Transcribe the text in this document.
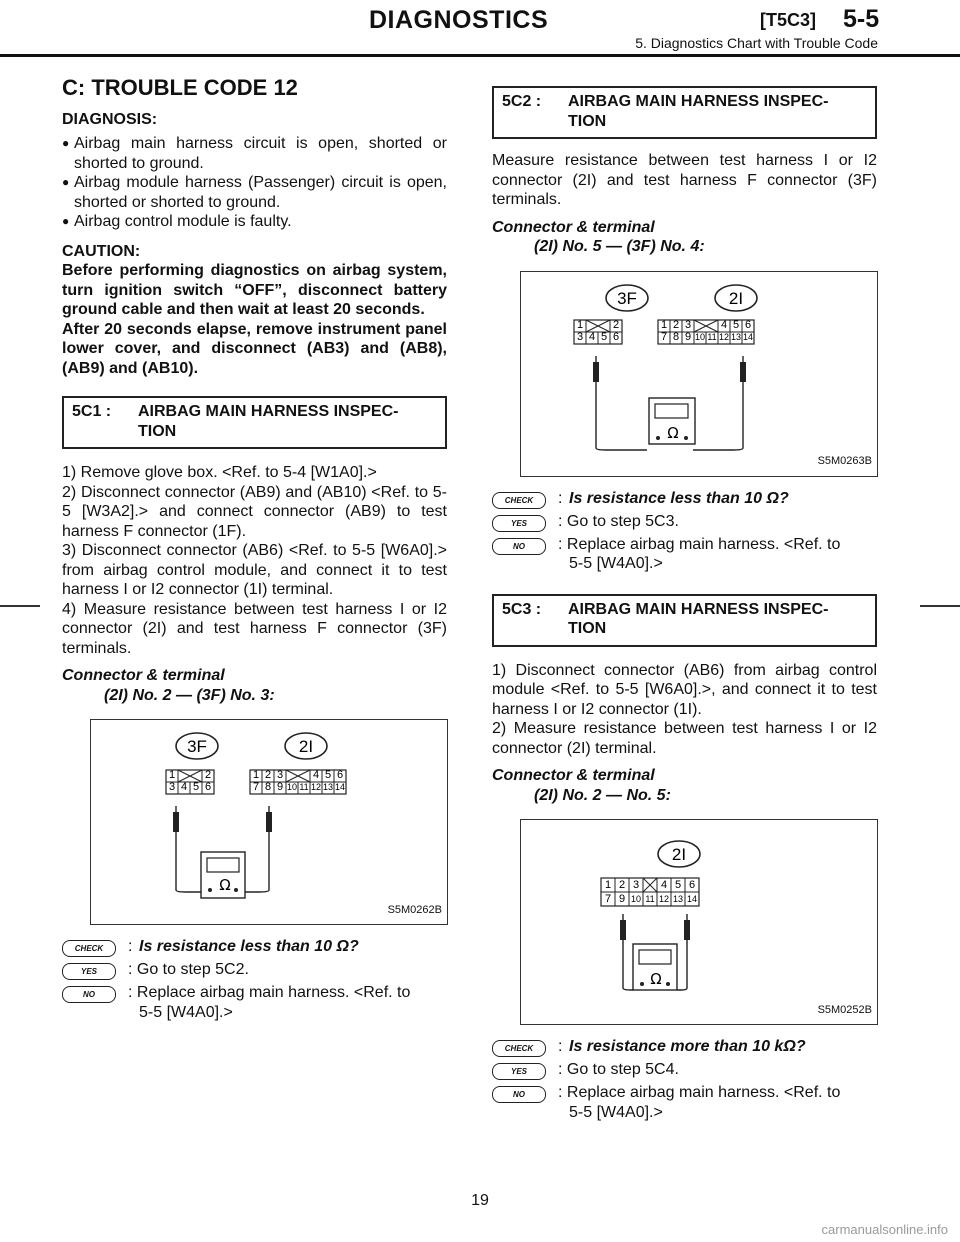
DIAGNOSTICS	[T5C3] 5-5
5. Diagnostics Chart with Trouble Code
C: TROUBLE CODE 12
DIAGNOSIS:
● Airbag main harness circuit is open, shorted or shorted to ground.

● Airbag module harness (Passenger) circuit is open, shorted or shorted to ground.

● Airbag control module is faulty.

CAUTION:

Before performing diagnostics on airbag system, turn ignition switch “OFF”, disconnect battery ground cable and then wait at least 20 seconds.

After 20 seconds elapse, remove instrument panel lower cover, and disconnect (AB3) and (AB8), (AB9) and (AB10).

5C1 :	AIRBAG MAIN HARNESS INSPEC- TION

1) Remove glove box. <Ref. to 5-4 [W1A0].>

2) Disconnect connector (AB9) and (AB10) <Ref. to 5-5 [W3A2].> and connect connector (AB9) to test harness F connector (1F).

3) Disconnect connector (AB6) <Ref. to 5-5 [W6A0].> from airbag control module, and connect it to test harness I or I2 connector (1I) terminal.

4) Measure resistance between test harness I or I2 connector (2I) and test harness F connector (3F) terminals.

Connector & terminal
(2I) No. 2 — (3F) No. 3:
3F	2I
1	2
3 4 5 6
1 2 3	4 5 6
7 8 9 10 11 12 13 14
Ω
S5M0262B
CHECK	: Is resistance less than 10 Ω?
YES	: Go to step 5C2.
NO	: Replace airbag main harness. <Ref. to
5-5 [W4A0].>
5C2 :	AIRBAG MAIN HARNESS INSPEC- TION

Measure resistance between test harness I or I2 connector (2I) and test harness F connector (3F) terminals.

Connector & terminal
(2I) No. 5 — (3F) No. 4:
3F	2I
1	2
3 4 5 6
1 2 3	4 5 6
7 8 9 10 11 12 13 14
Ω
S5M0263B
CHECK	: Is resistance less than 10 Ω?
YES	: Go to step 5C3.
NO	: Replace airbag main harness. <Ref. to
5-5 [W4A0].>
5C3 :	AIRBAG MAIN HARNESS INSPEC- TION

1) Disconnect connector (AB6) from airbag control module <Ref. to 5-5 [W6A0].>, and connect it to test harness I or I2 connector (1I).

2) Measure resistance between test harness I or I2 connector (2I) terminal.

Connector & terminal
(2I) No. 2 — No. 5:
2I
1 2 3 4 5 6
7 9 10 11 12 13 14
Ω
S5M0252B
CHECK	: Is resistance more than 10 kΩ?
YES	: Go to step 5C4.
NO	: Replace airbag main harness. <Ref. to
5-5 [W4A0].>
19
carmanualsonline.info
